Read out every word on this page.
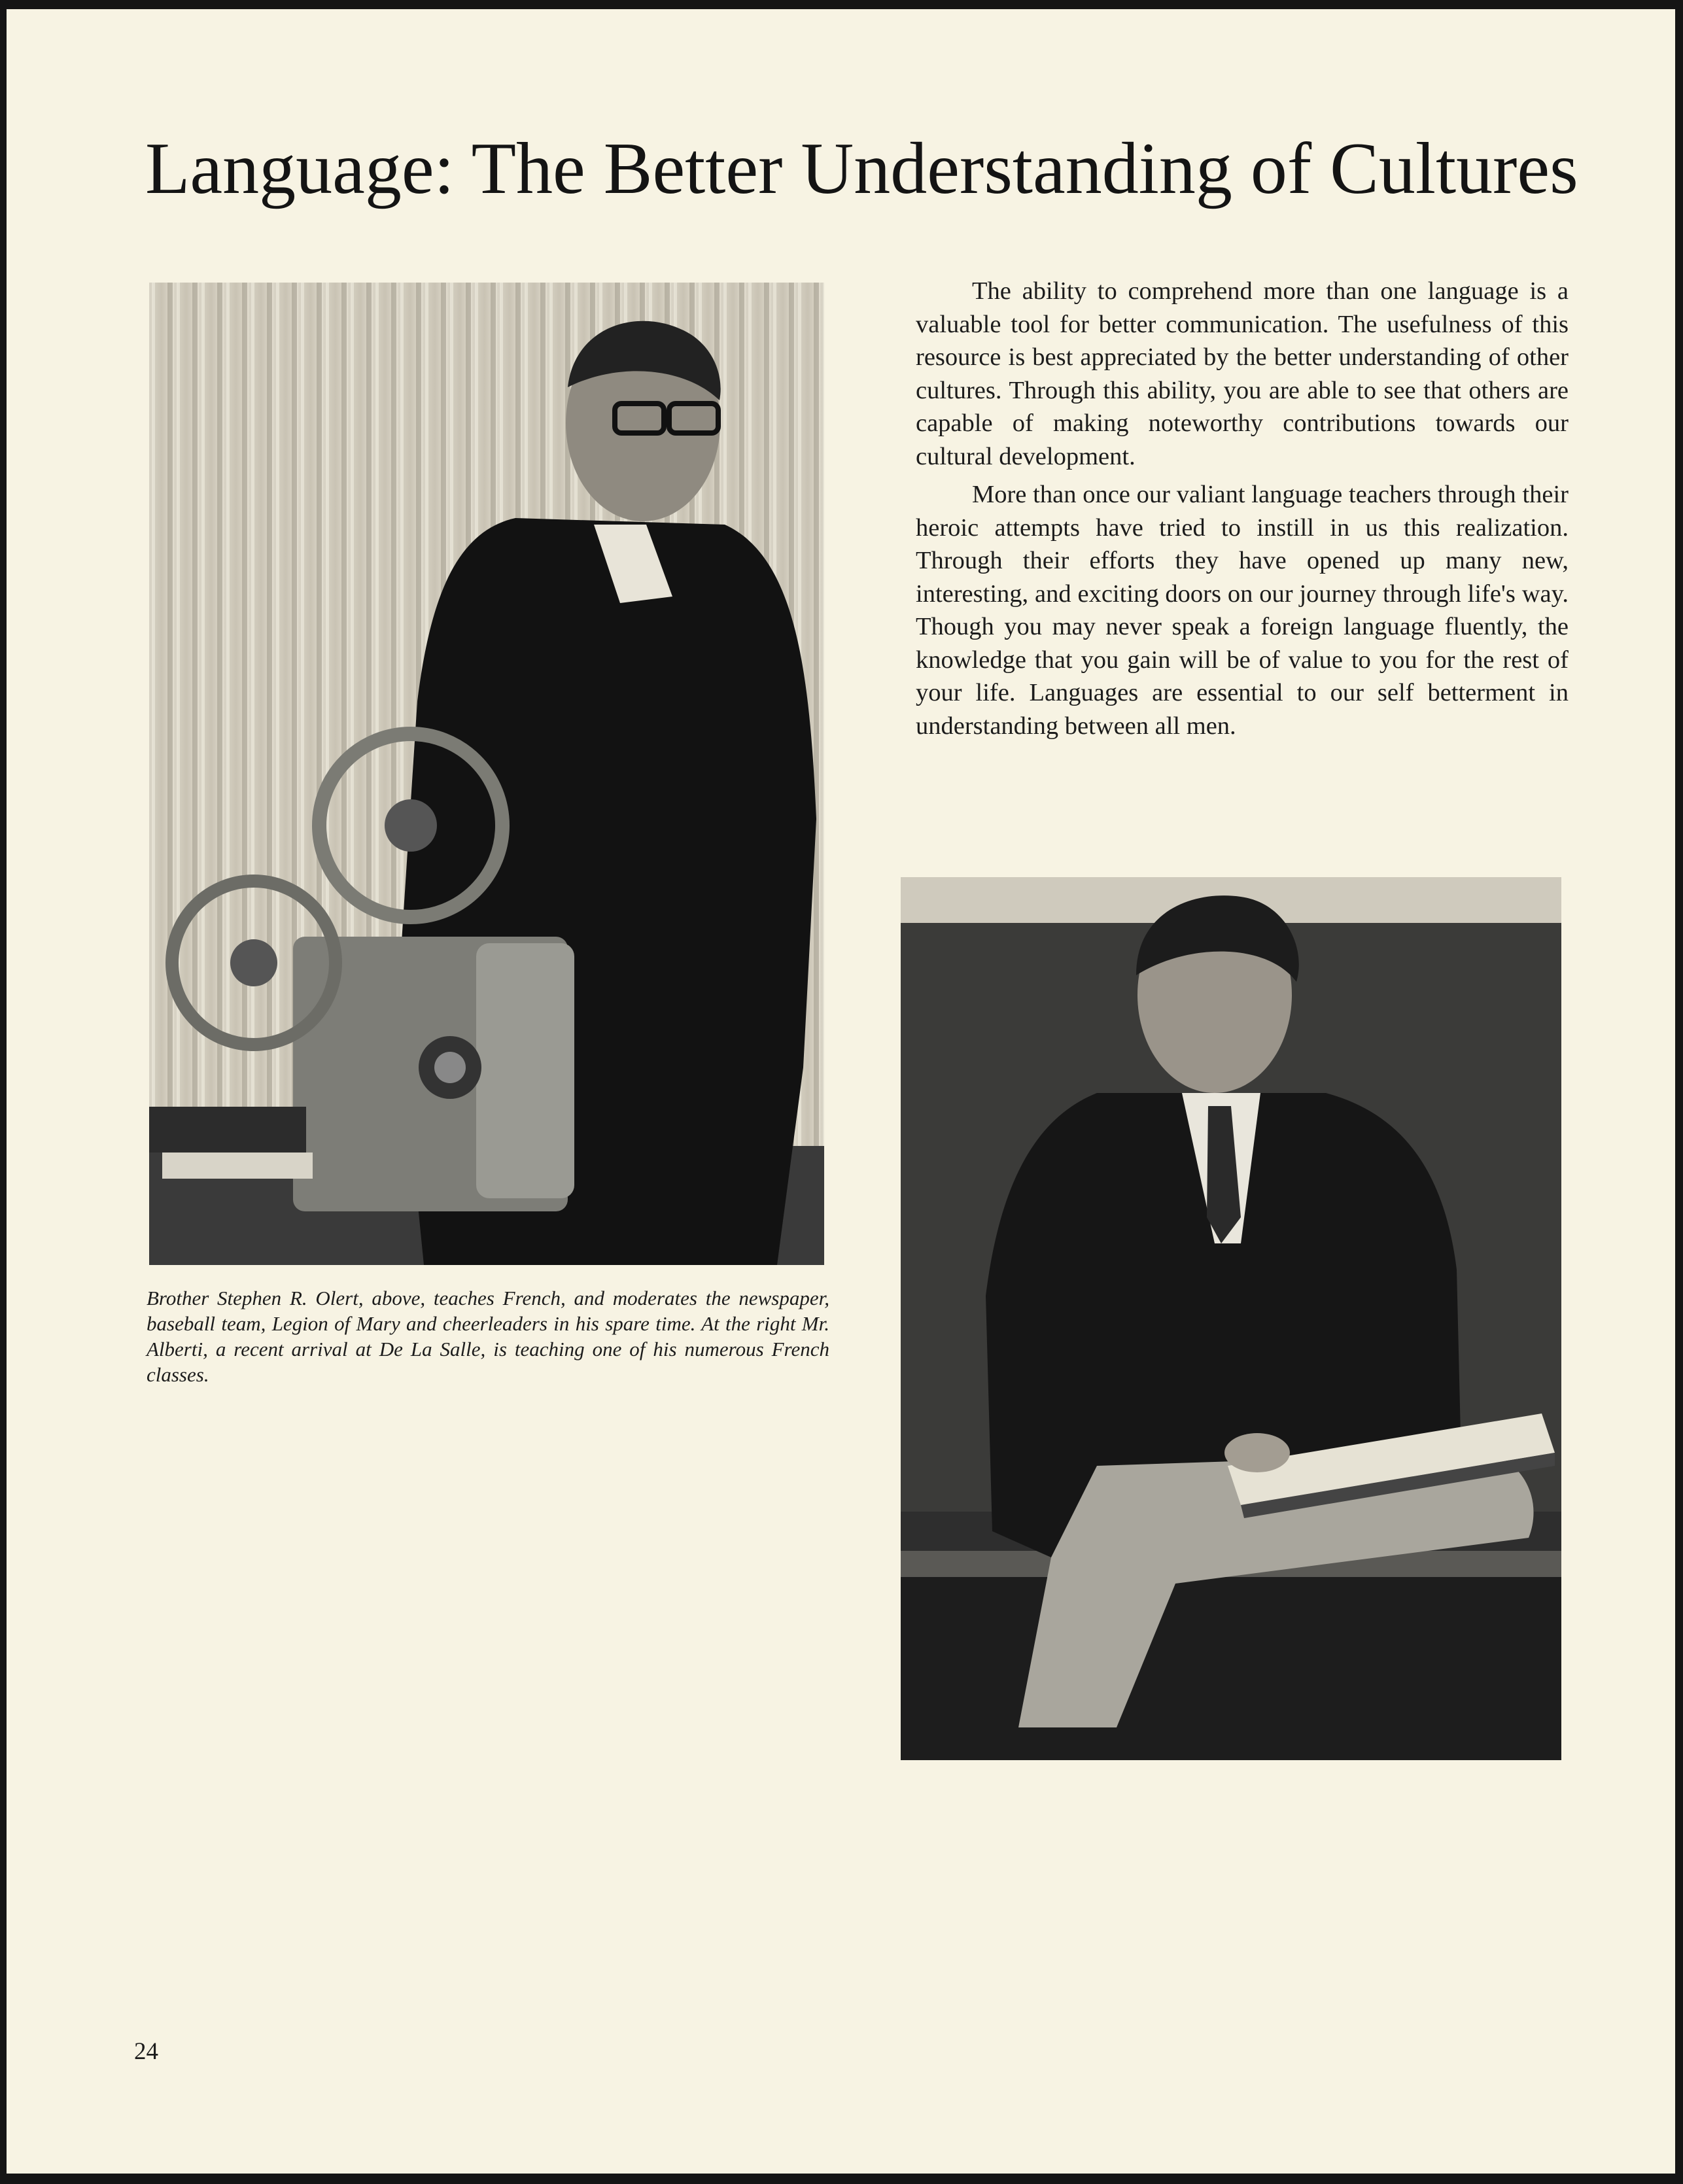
Language: The Better Understanding of Cultures

The ability to comprehend more than one language is a valuable tool for better communication. The usefulness of this resource is best appreciated by the better understanding of other cultures. Through this ability, you are able to see that others are capable of making noteworthy contributions towards our cultural development.

More than once our valiant language teachers through their heroic attempts have tried to instill in us this realization. Through their efforts they have opened up many new, interesting, and exciting doors on our journey through life's way. Though you may never speak a foreign language fluently, the knowledge that you gain will be of value to you for the rest of your life. Languages are essential to our self betterment in understanding between all men.

Brother Stephen R. Olert, above, teaches French, and moderates the newspaper, baseball team, Legion of Mary and cheerleaders in his spare time. At the right Mr. Alberti, a recent arrival at De La Salle, is teaching one of his numerous French classes.
24
